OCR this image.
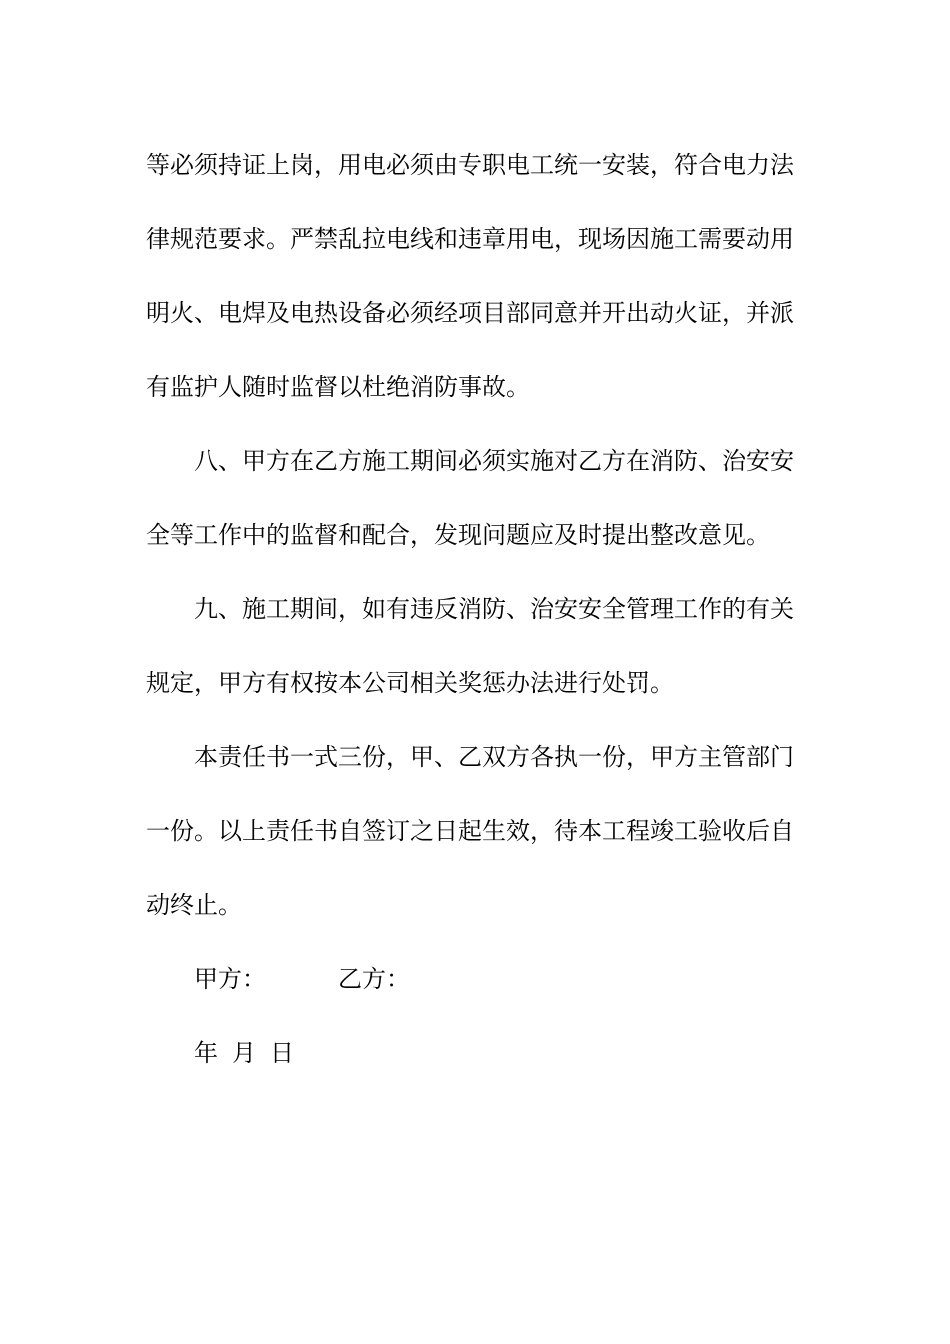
等必须持证上岗，用电必须由专职电工统一安装，符合电力法律规范要求。严禁乱拉电线和违章用电，现场因施工需要动用明火、电焊及电热设备必须经项目部同意并开出动火证，并派有监护人随时监督以杜绝消防事故。

八、甲方在乙方施工期间必须实施对乙方在消防、治安安全等工作中的监督和配合，发现问题应及时提出整改意见。

九、施工期间，如有违反消防、治安安全管理工作的有关规定，甲方有权按本公司相关奖惩办法进行处罚。

本责任书一式三份，甲、乙双方各执一份，甲方主管部门一份。以上责任书自签订之日起生效，待本工程竣工验收后自动终止。

甲方：	乙方：
年 月 日
